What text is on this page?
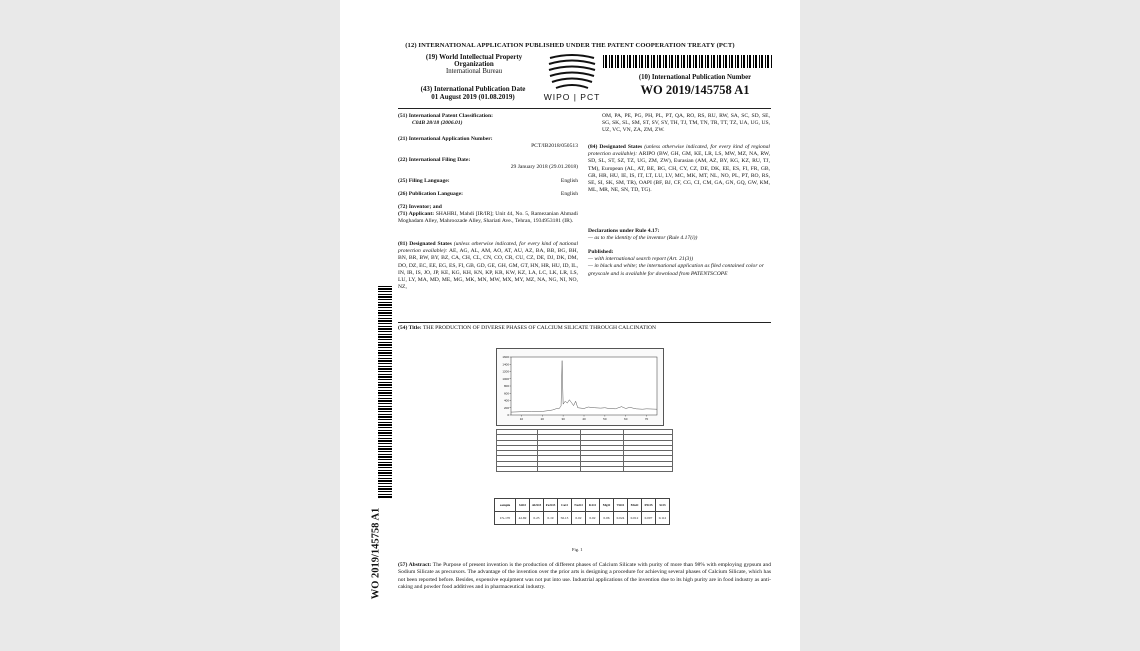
(12) INTERNATIONAL APPLICATION PUBLISHED UNDER THE PATENT COOPERATION TREATY (PCT)
(19) World Intellectual Property
Organization
International Bureau
(43) International Publication Date
01 August 2019 (01.08.2019)	WIPO | PCT
(10) International Publication Number
WO 2019/145758 A1
(51) International Patent Classification:
C04B 28/18 (2006.01)
(21) International Application Number:
PCT/IB2018/050513
(22) International Filing Date:
29 January 2018 (29.01.2018)
(25) Filing Language:	English
(26) Publication Language:	English
(72) Inventor; and
(71) Applicant: SHAHRI, Mahdi [IR/IR]; Unit 44, No. 5, Ramezanian Ahmadi Moghadam Alley, Mahroozade Alley, Shariati Ave., Tehran, 1934953181 (IR).
(81) Designated States (unless otherwise indicated, for every kind of national protection available): AE, AG, AL, AM, AO, AT, AU, AZ, BA, BB, BG, BH, BN, BR, BW, BY, BZ, CA, CH, CL, CN, CO, CR, CU, CZ, DE, DJ, DK, DM, DO, DZ, EC, EE, EG, ES, FI, GB, GD, GE, GH, GM, GT, HN, HR, HU, ID, IL, IN, IR, IS, JO, JP, KE, KG, KH, KN, KP, KR, KW, KZ, LA, LC, LK, LR, LS, LU, LY, MA, MD, ME, MG, MK, MN, MW, MX, MY, MZ, NA, NG, NI, NO, NZ,
OM, PA, PE, PG, PH, PL, PT, QA, RO, RS, RU, RW, SA, SC, SD, SE, SG, SK, SL, SM, ST, SV, SY, TH, TJ, TM, TN, TR, TT, TZ, UA, UG, US, UZ, VC, VN, ZA, ZM, ZW.
(84) Designated States (unless otherwise indicated, for every kind of regional protection available): ARIPO (BW, GH, GM, KE, LR, LS, MW, MZ, NA, RW, SD, SL, ST, SZ, TZ, UG, ZM, ZW), Eurasian (AM, AZ, BY, KG, KZ, RU, TJ, TM), European (AL, AT, BE, BG, CH, CY, CZ, DE, DK, EE, ES, FI, FR, GB, GR, HR, HU, IE, IS, IT, LT, LU, LV, MC, MK, MT, NL, NO, PL, PT, RO, RS, SE, SI, SK, SM, TR), OAPI (BF, BJ, CF, CG, CI, CM, GA, GN, GQ, GW, KM, ML, MR, NE, SN, TD, TG).
Declarations under Rule 4.17:
— as to the identity of the inventor (Rule 4.17(i))
Published:
— with international search report (Art. 21(3))
— in black and white; the international application as filed contained color or greyscale and is available for download from PATENTSCOPE
(54) Title: THE PRODUCTION OF DIVERSE PHASES OF CALCIUM SILICATE THROUGH CALCINATION
1600
1400
1200
1000
800
600
400
200
0
10	20	30	40	50	60	70

sample	SiO2	Al2O3	Fe2O3	CaO	Na2O	K2O	MgO	TiO2	MnO	P2O5	SO3
CS-170	42.69	0.23	0.19	56.13	0.02	0.02	0.06	0.024	0.012	0.007	0.112
Fig. 1
(57) Abstract: The Purpose of present invention is the production of different phases of Calcium Silicate with purity of more than 98% with employing gypsum and Sodium Silicate as precursors. The advantage of the invention over the prior arts is designing a procedure for achieving several phases of Calcium Silicate, which has not been reported before. Besides, expensive equipment was not put into use. Industrial applications of the invention due to its high purity are in food industry as anti- caking and powder food additives and in pharmaceutical industry.
WO 2019/145758 A1
